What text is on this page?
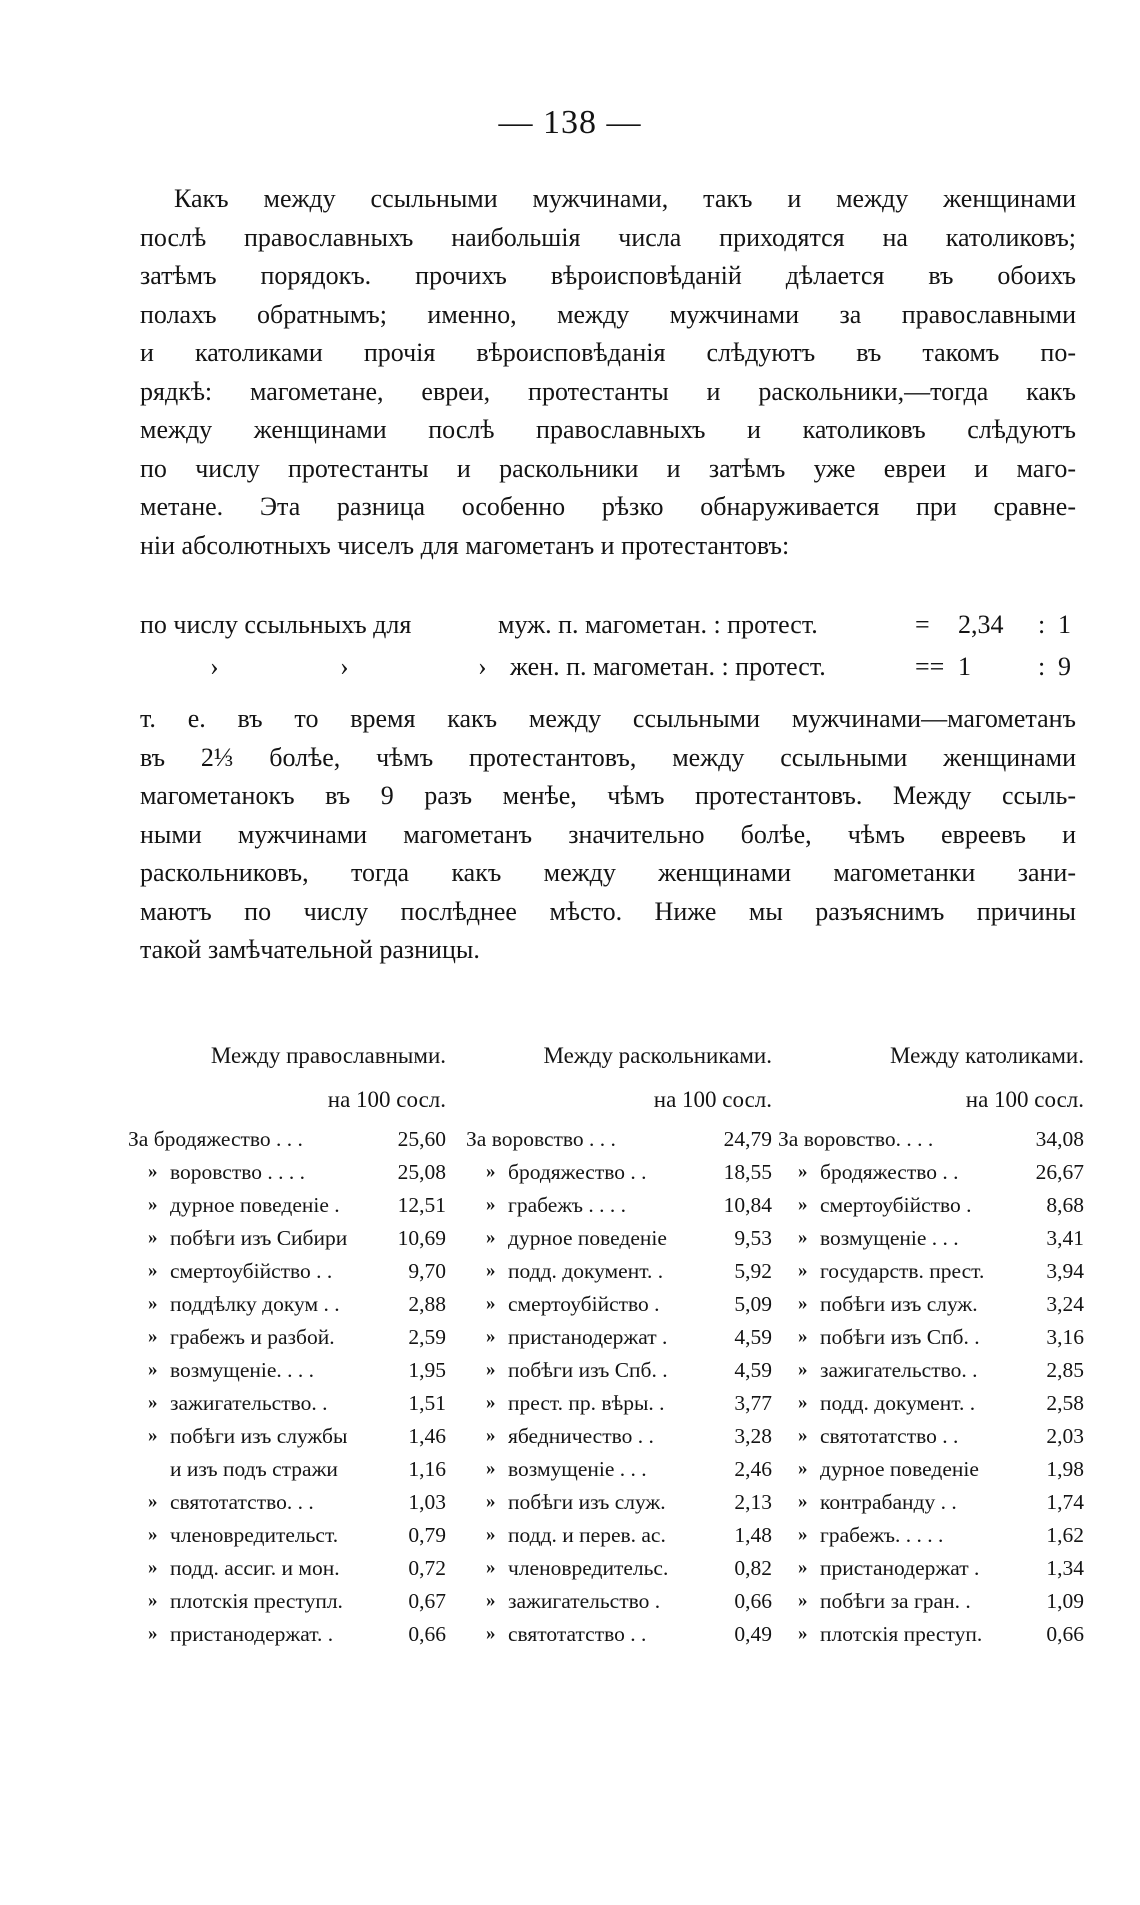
— 138 —
Какъ между ссыльными мужчинами, такъ и между женщинами
послѣ православныхъ наибольшія числа приходятся на католиковъ;
затѣмъ порядокъ. прочихъ вѣроисповѣданій дѣлается въ обоихъ
полахъ обратнымъ; именно, между мужчинами за православными
и католиками прочія вѣроисповѣданія слѣдуютъ въ такомъ по-
рядкѣ: магометане, евреи, протестанты и раскольники,—тогда какъ
между женщинами послѣ православныхъ и католиковъ слѣдуютъ
по числу протестанты и раскольники и затѣмъ уже евреи и маго-
метане. Эта разница особенно рѣзко обнаруживается при сравне-
ніи абсолютныхъ чиселъ для магометанъ и протестантовъ:
по числу ссыльныхъ для	муж. п. магометан. : протест.	= 2,34 : 1
›	›	› жен. п. магометан. : протест.	== 1	: 9
т. е. въ то время какъ между ссыльными мужчинами—магометанъ
въ 2⅓ болѣе, чѣмъ протестантовъ, между ссыльными женщинами
магометанокъ въ 9 разъ менѣе, чѣмъ протестантовъ. Между ссыль-
ными мужчинами магометанъ значительно болѣе, чѣмъ евреевъ и
раскольниковъ, тогда какъ между женщинами магометанки зани-
маютъ по числу послѣднее мѣсто. Ниже мы разъяснимъ причины
такой замѣчательной разницы.
Между православными.
на 100 сосл.
За бродяжество . . .	25,60
» воровство . . . .	25,08
» дурное поведеніе .	12,51
» побѣги изъ Сибири 10,69
» смертоубійство . .	9,70
» поддѣлку докум . .	2,88
» грабежъ и разбой.	2,59
» возмущеніе. . . .	1,95
» зажигательство. .	1,51
» побѣги изъ службы	1,46
и изъ подъ стражи	1,16
» святотатство. . .	1,03
» членовредительст.	0,79
» подд. ассиг. и мон.	0,72
» плотскія преступл.	0,67
» пристанодержат. .	0,66
Между раскольниками.
на 100 сосл.
За воровство . . .	24,79
» бродяжество . .	18,55
» грабежъ . . . .	10,84
» дурное поведеніе	9,53
» подд. документ. .	5,92
» смертоубійство .	5,09
» пристанодержат .	4,59
» побѣги изъ Спб. .	4,59
» прест. пр. вѣры. .	3,77
» ябедничество . .	3,28
» возмущеніе . . .	2,46
» побѣги изъ служ.	2,13
» подд. и перев. ас.	1,48
» членовредительс.	0,82
» зажигательство .	0,66
» святотатство . .	0,49
Между католиками.
на 100 сосл.
За воровство. . . .	34,08
» бродяжество . .	26,67
» смертоубійство .	8,68
» возмущеніе . . .	3,41
» государств. прест.	3,94
» побѣги изъ служ.	3,24
» побѣги изъ Спб. .	3,16
» зажигательство. .	2,85
» подд. документ. .	2,58
» святотатство . .	2,03
» дурное поведеніе	1,98
» контрабанду . .	1,74
» грабежъ. . . . .	1,62
» пристанодержат .	1,34
» побѣги за гран. .	1,09
» плотскія преступ.	0,66
